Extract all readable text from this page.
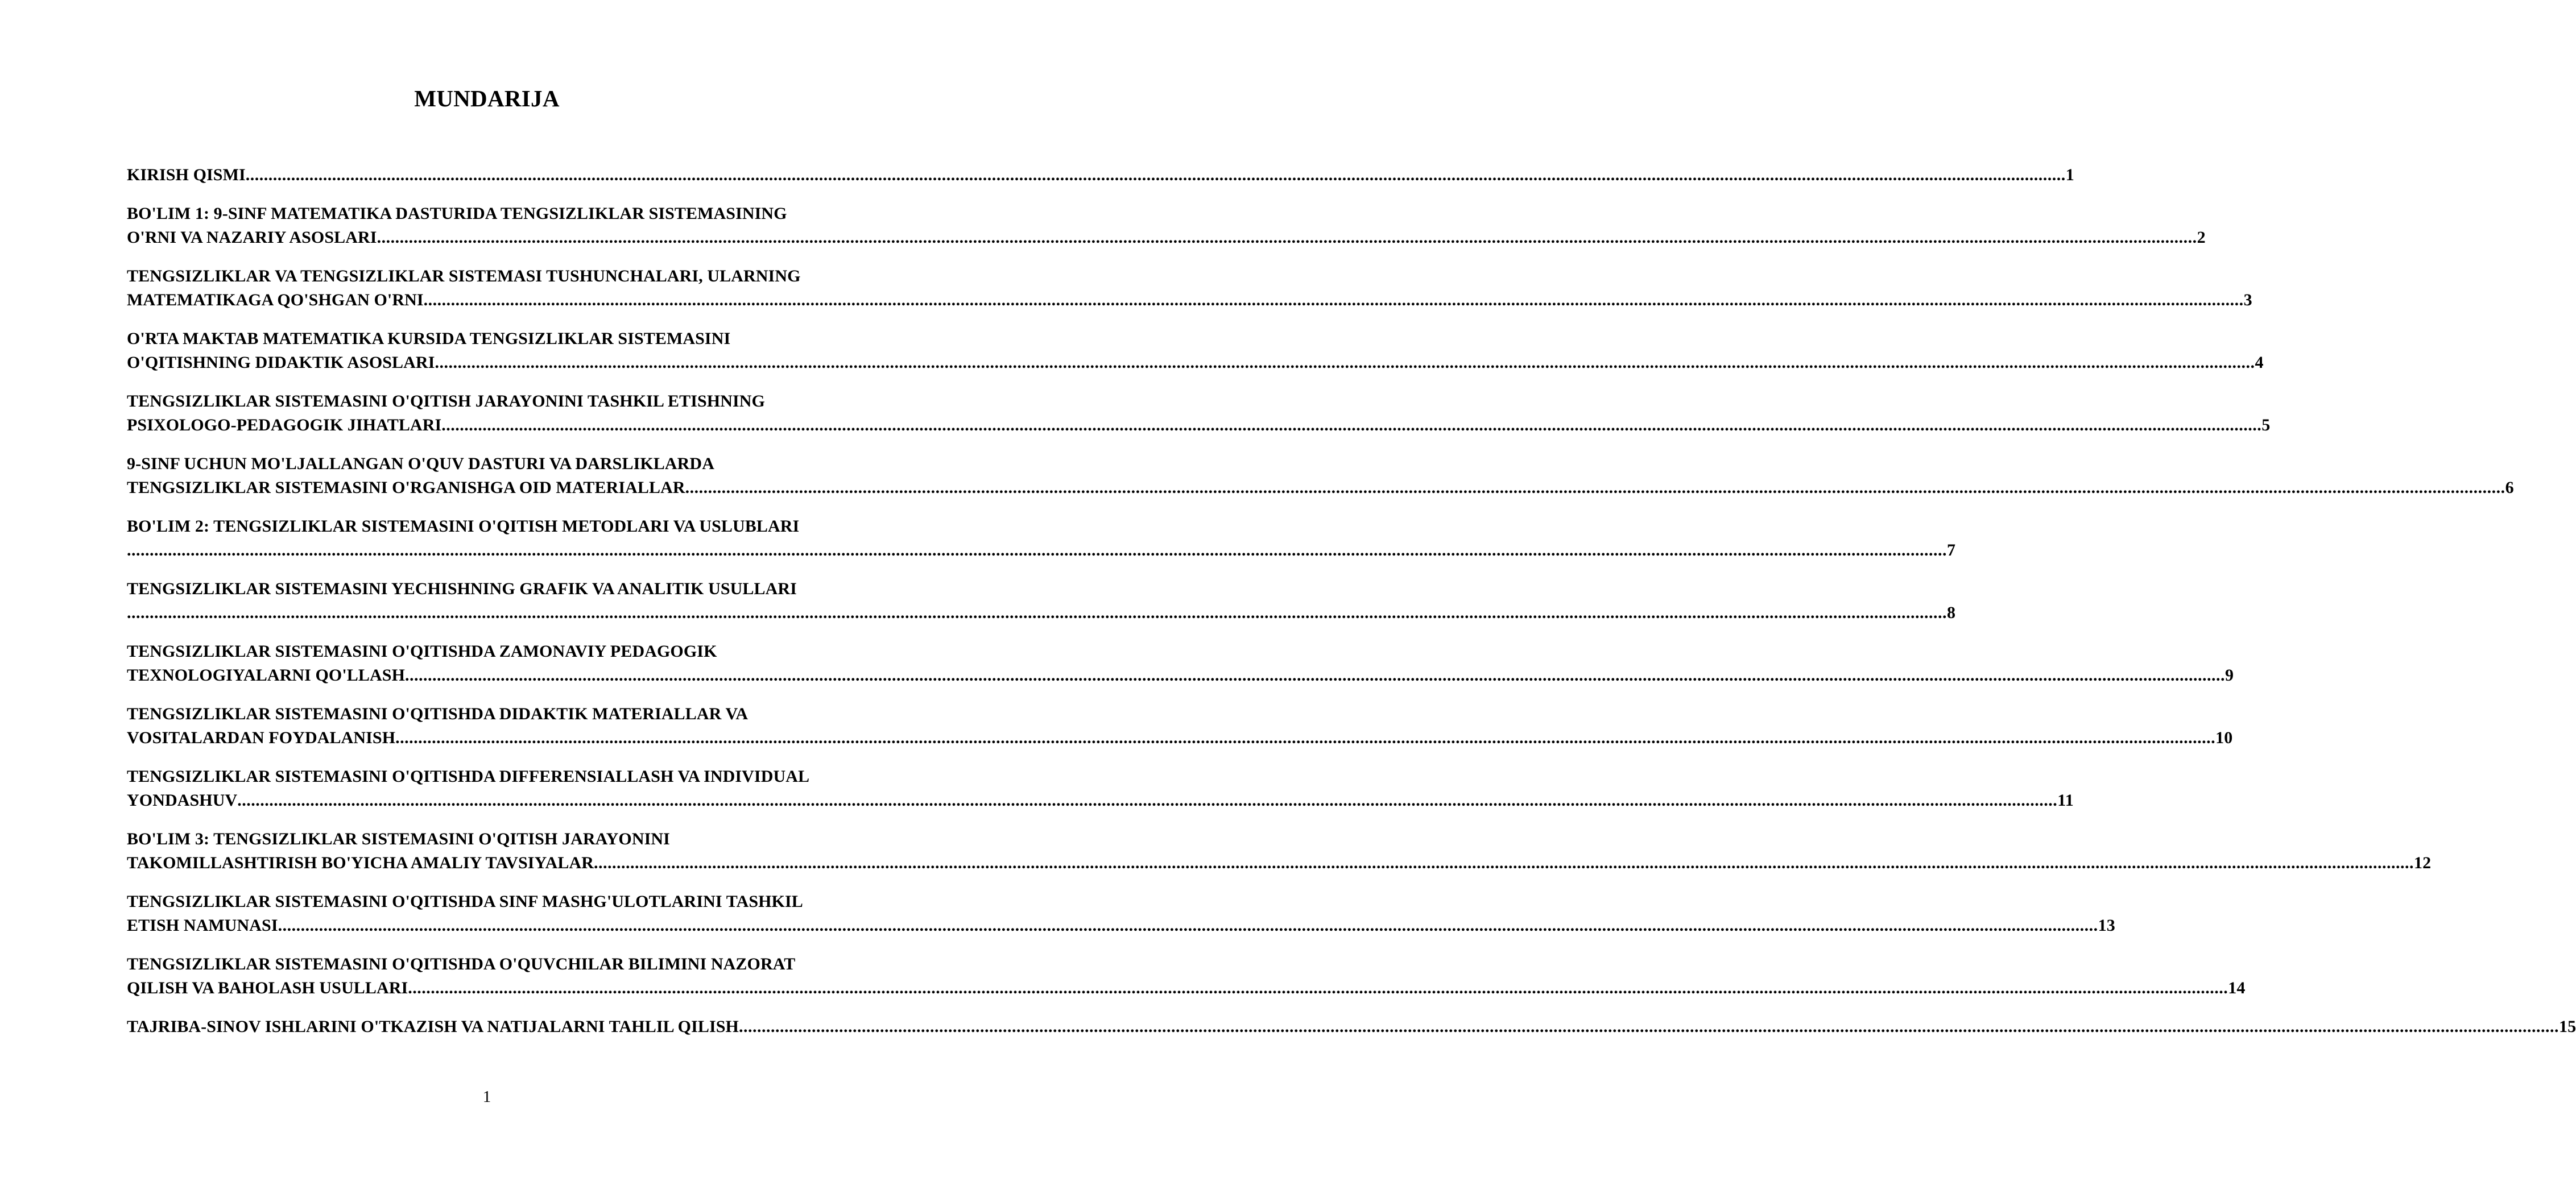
MUNDARIJA
KIRISH QISMI ................................................................................................................................................................................................................................................................................................................................................................................................................ 1
BO'LIM 1: 9-SINF MATEMATIKA DASTURIDA TENGSIZLIKLAR SISTEMASINING
O'RNI VA NAZARIY ASOSLARI ................................................................................................................................................................................................................................................................................................................................................................................................................ 2
TENGSIZLIKLAR VA TENGSIZLIKLAR SISTEMASI TUSHUNCHALARI, ULARNING
MATEMATIKAGA QO'SHGAN O'RNI ................................................................................................................................................................................................................................................................................................................................................................................................................ 3
O'RTA MAKTAB MATEMATIKA KURSIDA TENGSIZLIKLAR SISTEMASINI
O'QITISHNING DIDAKTIK ASOSLARI ................................................................................................................................................................................................................................................................................................................................................................................................................ 4
TENGSIZLIKLAR SISTEMASINI O'QITISH JARAYONINI TASHKIL ETISHNING
PSIXOLOGO-PEDAGOGIK JIHATLARI ................................................................................................................................................................................................................................................................................................................................................................................................................ 5
9-SINF UCHUN MO'LJALLANGAN O'QUV DASTURI VA DARSLIKLARDA
TENGSIZLIKLAR SISTEMASINI O'RGANISHGA OID MATERIALLAR ................................................................................................................................................................................................................................................................................................................................................................................................................ 6
BO'LIM 2: TENGSIZLIKLAR SISTEMASINI O'QITISH METODLARI VA USLUBLARI
................................................................................................................................................................................................................................................................................................................................................................................................................ 7
TENGSIZLIKLAR SISTEMASINI YECHISHNING GRAFIK VA ANALITIK USULLARI
................................................................................................................................................................................................................................................................................................................................................................................................................ 8
TENGSIZLIKLAR SISTEMASINI O'QITISHDA ZAMONAVIY PEDAGOGIK
TEXNOLOGIYALARNI QO'LLASH ................................................................................................................................................................................................................................................................................................................................................................................................................ 9
TENGSIZLIKLAR SISTEMASINI O'QITISHDA DIDAKTIK MATERIALLAR VA
VOSITALARDAN FOYDALANISH ................................................................................................................................................................................................................................................................................................................................................................................................................ 10
TENGSIZLIKLAR SISTEMASINI O'QITISHDA DIFFERENSIALLASH VA INDIVIDUAL
YONDASHUV ................................................................................................................................................................................................................................................................................................................................................................................................................ 11
BO'LIM 3: TENGSIZLIKLAR SISTEMASINI O'QITISH JARAYONINI
TAKOMILLASHTIRISH BO'YICHA AMALIY TAVSIYALAR ................................................................................................................................................................................................................................................................................................................................................................................................................ 12
TENGSIZLIKLAR SISTEMASINI O'QITISHDA SINF MASHG'ULOTLARINI TASHKIL
ETISH NAMUNASI ................................................................................................................................................................................................................................................................................................................................................................................................................ 13
TENGSIZLIKLAR SISTEMASINI O'QITISHDA O'QUVCHILAR BILIMINI NAZORAT
QILISH VA BAHOLASH USULLARI ................................................................................................................................................................................................................................................................................................................................................................................................................ 14
TAJRIBA-SINOV ISHLARINI O'TKAZISH VA NATIJALARNI TAHLIL QILISH ................................................................................................................................................................................................................................................................................................................................................................................................................ 15
1
